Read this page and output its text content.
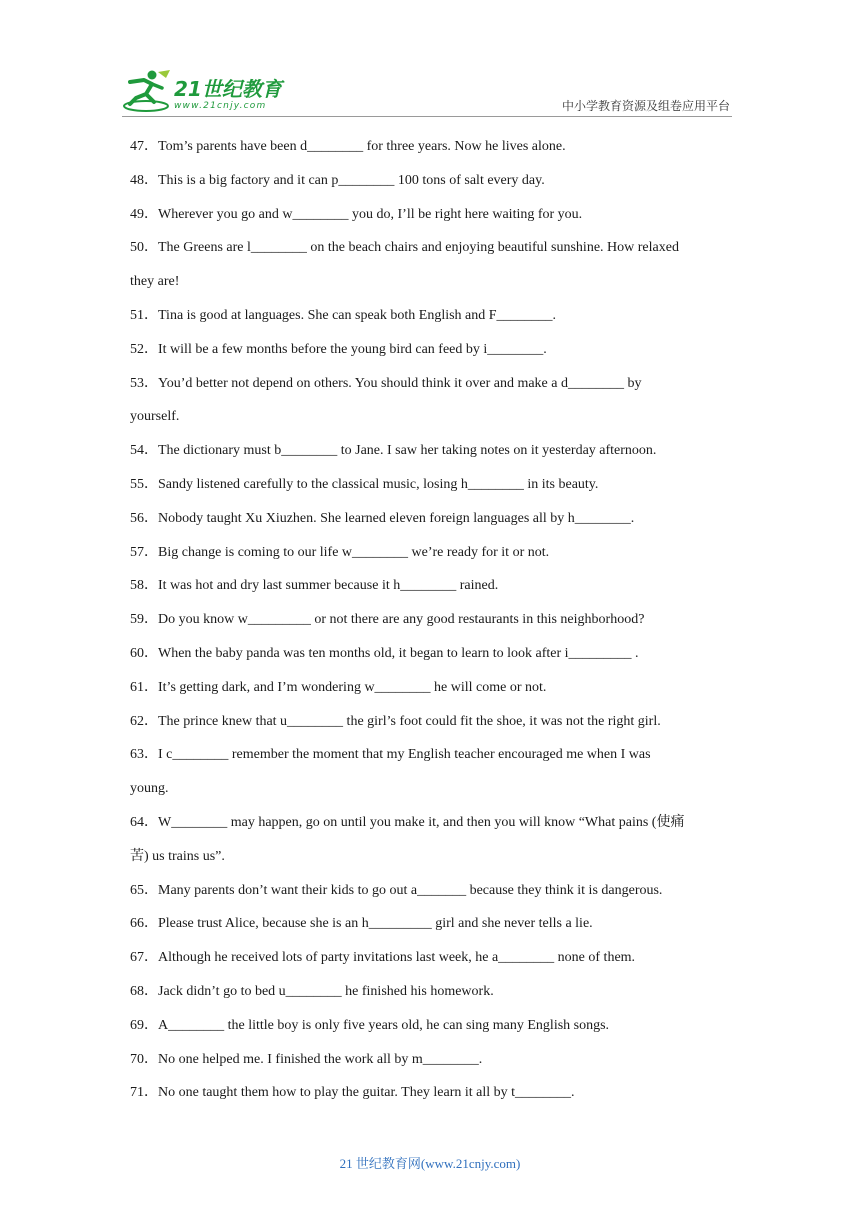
21世纪教育
www.21cnjy.com	中小学教育资源及组卷应用平台
47．Tom’s parents have been d________ for three years. Now he lives alone.
48．This is a big factory and it can p________ 100 tons of salt every day.
49．Wherever you go and w________ you do, I’ll be right here waiting for you.
50．The Greens are l________ on the beach chairs and enjoying beautiful sunshine. How relaxed
they are!
51．Tina is good at languages. She can speak both English and F________.
52．It will be a few months before the young bird can feed by i________.
53．You’d better not depend on others. You should think it over and make a d________ by
yourself.
54．The dictionary must b________ to Jane. I saw her taking notes on it yesterday afternoon.
55．Sandy listened carefully to the classical music, losing h________ in its beauty.
56．Nobody taught Xu Xiuzhen. She learned eleven foreign languages all by h________.
57．Big change is coming to our life w________ we’re ready for it or not.
58．It was hot and dry last summer because it h________ rained.
59．Do you know w_________ or not there are any good restaurants in this neighborhood?
60．When the baby panda was ten months old, it began to learn to look after i_________ .
61．It’s getting dark, and I’m wondering w________ he will come or not.
62．The prince knew that u________ the girl’s foot could fit the shoe, it was not the right girl.
63．I c________ remember the moment that my English teacher encouraged me when I was
young.
64．W________ may happen, go on until you make it, and then you will know “What pains (使痛
苦) us trains us”.
65．Many parents don’t want their kids to go out a_______ because they think it is dangerous.
66．Please trust Alice, because she is an h_________ girl and she never tells a lie.
67．Although he received lots of party invitations last week, he a________ none of them.
68．Jack didn’t go to bed u________ he finished his homework.
69．A________ the little boy is only five years old, he can sing many English songs.
70．No one helped me. I finished the work all by m________.
71．No one taught them how to play the guitar. They learn it all by t________.
21 世纪教育网(www.21cnjy.com)
